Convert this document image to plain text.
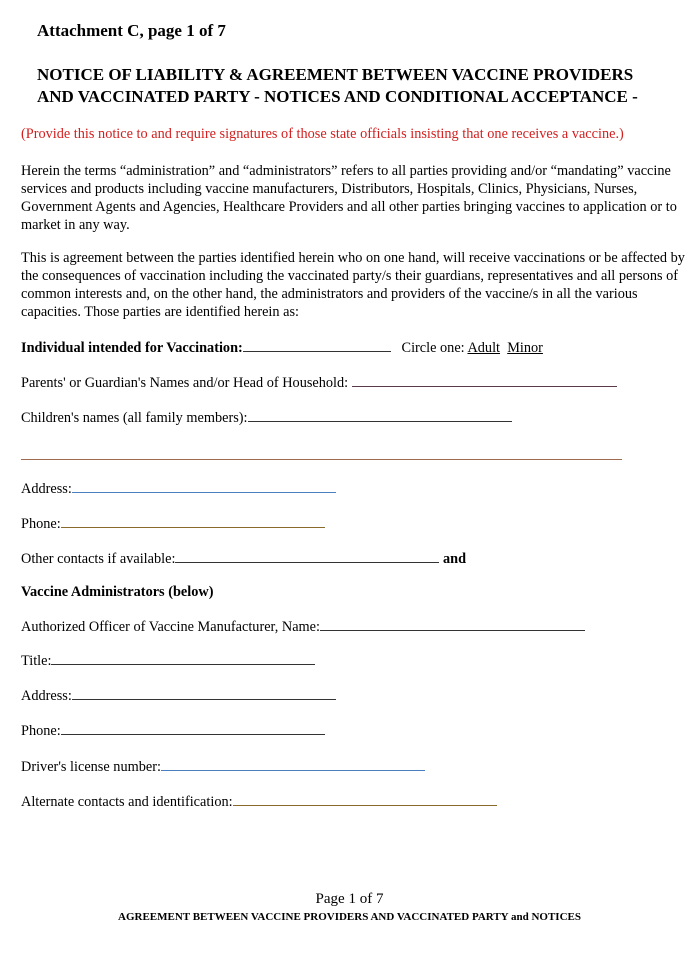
Attachment C, page 1 of 7
NOTICE OF LIABILITY & AGREEMENT BETWEEN VACCINE PROVIDERS
AND VACCINATED PARTY - NOTICES AND CONDITIONAL ACCEPTANCE -
(Provide this notice to and require signatures of those state officials insisting that one receives a vaccine.)
Herein the terms “administration” and “administrators” refers to all parties providing and/or “mandating” vaccine services and products including vaccine manufacturers, Distributors, Hospitals, Clinics, Physicians, Nurses, Government Agents and Agencies, Healthcare Providers and all other parties bringing vaccines to application or to market in any way.
This is agreement between the parties identified herein who on one hand, will receive vaccinations or be affected by the consequences of vaccination including the vaccinated party/s their guardians, representatives and all persons of common interests and, on the other hand, the administrators and providers of the vaccine/s in all the various capacities. Those parties are identified herein as:
Individual intended for Vaccination:	Circle one: Adult Minor
Parents' or Guardian's Names and/or Head of Household:
Children's names (all family members):
Address:
Phone:
Other contacts if available:	and
Vaccine Administrators (below)
Authorized Officer of Vaccine Manufacturer, Name:
Title:
Address:
Phone:
Driver's license number:
Alternate contacts and identification:
Page 1 of 7
AGREEMENT BETWEEN VACCINE PROVIDERS AND VACCINATED PARTY and NOTICES
